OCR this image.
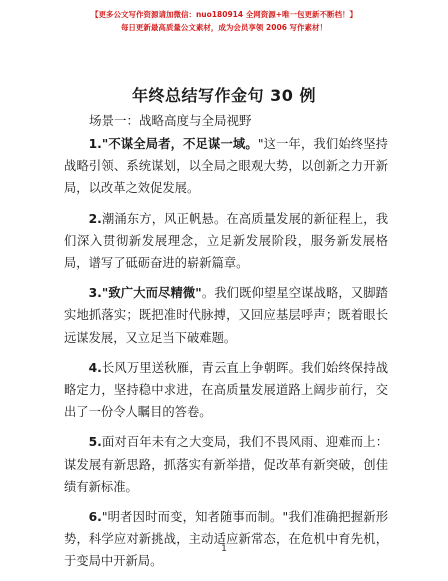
【更多公文写作资源请加微信：nuo180914 全网资源+唯一包更新不断档！】
每日更新最高质量公文素材，成为会员享领 2006 写作素材！
年终总结写作金句 30 例
场景一：战略高度与全局视野

1."不谋全局者，不足谋一域。"这一年，我们始终坚持战略引领、系统谋划，以全局之眼观大势，以创新之力开新局，以改革之效促发展。

2.潮涌东方，风正帆悬。在高质量发展的新征程上，我们深入贯彻新发展理念，立足新发展阶段，服务新发展格局，谱写了砥砺奋进的崭新篇章。

3."致广大而尽精微"。我们既仰望星空谋战略，又脚踏实地抓落实；既把准时代脉搏，又回应基层呼声；既着眼长远谋发展，又立足当下破难题。

4.长风万里送秋雁，青云直上争朝晖。我们始终保持战略定力，坚持稳中求进，在高质量发展道路上阔步前行，交出了一份令人瞩目的答卷。

5.面对百年未有之大变局，我们不畏风雨、迎难而上：谋发展有新思路，抓落实有新举措，促改革有新突破，创佳绩有新标准。

6."明者因时而变，知者随事而制。"我们准确把握新形势，科学应对新挑战，主动适应新常态，在危机中育先机，于变局中开新局。

1
